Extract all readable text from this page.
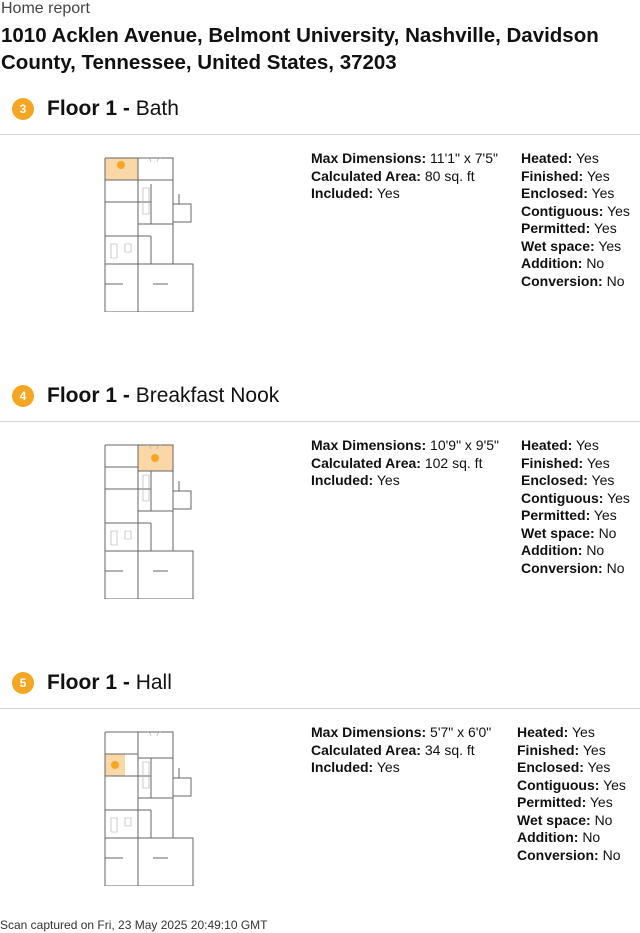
Home report
1010 Acklen Avenue, Belmont University, Nashville, Davidson County, Tennessee, United States, 37203
3 Floor 1 - Bath
Max Dimensions: 11'1" x 7'5"
Calculated Area: 80 sq. ft
Included: Yes
Heated: Yes
Finished: Yes
Enclosed: Yes
Contiguous: Yes
Permitted: Yes
Wet space: Yes
Addition: No
Conversion: No
4 Floor 1 - Breakfast Nook
Max Dimensions: 10'9" x 9'5"
Calculated Area: 102 sq. ft
Included: Yes
Heated: Yes
Finished: Yes
Enclosed: Yes
Contiguous: Yes
Permitted: Yes
Wet space: No
Addition: No
Conversion: No
5 Floor 1 - Hall
Max Dimensions: 5'7" x 6'0"
Calculated Area: 34 sq. ft
Included: Yes
Heated: Yes
Finished: Yes
Enclosed: Yes
Contiguous: Yes
Permitted: Yes
Wet space: No
Addition: No
Conversion: No
Scan captured on Fri, 23 May 2025 20:49:10 GMT
